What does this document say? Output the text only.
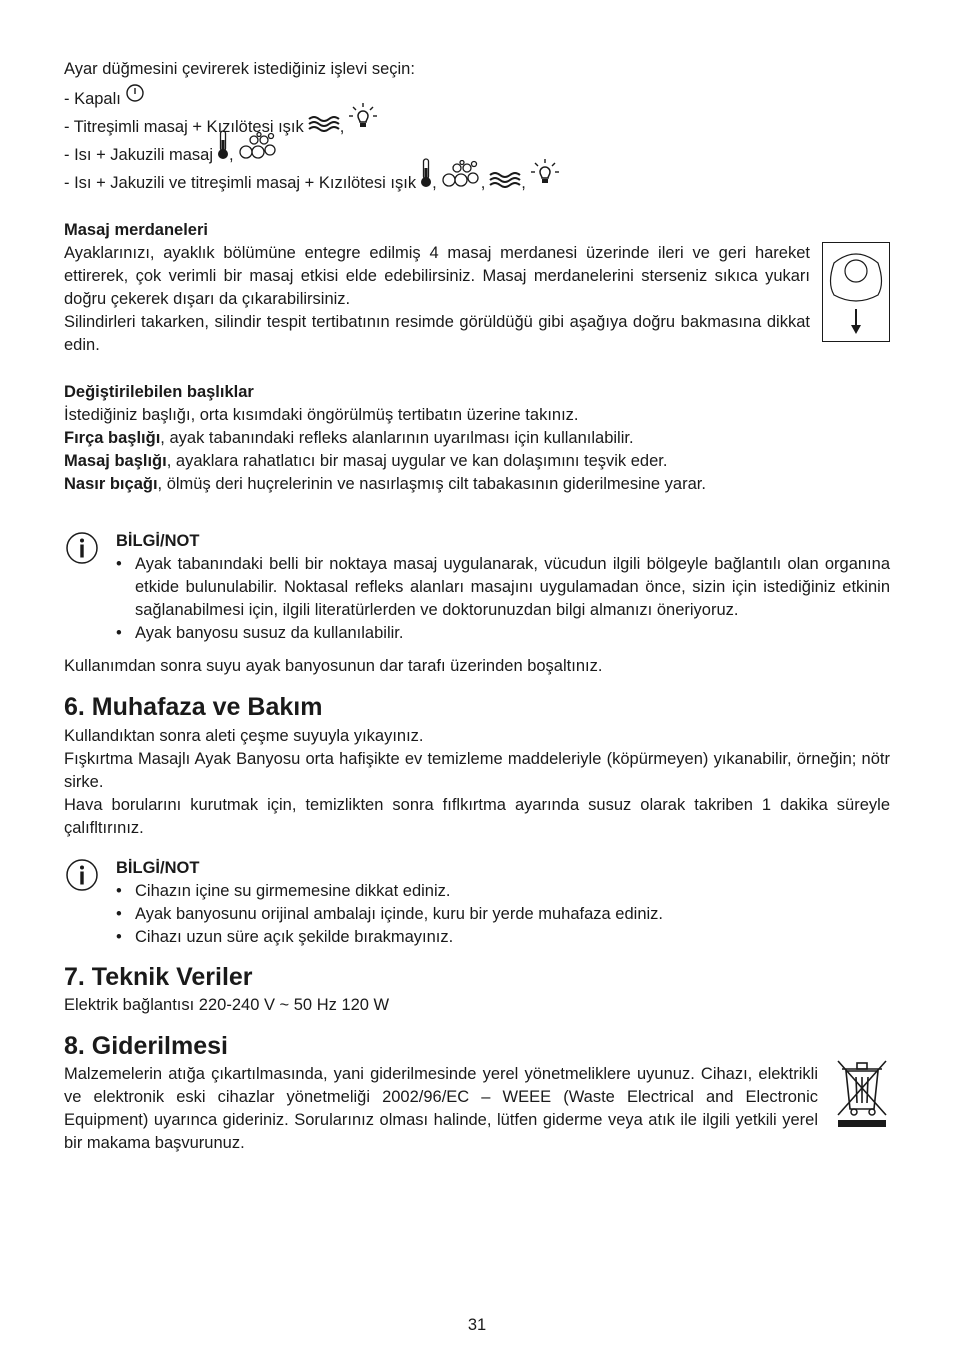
Ayar düğmesini çevirerek istediğiniz işlevi seçin:

- Kapalı
- Titreşimli masaj + Kızılötesi ışık ,
- Isı + Jakuzili masaj ,
- Isı + Jakuzili ve titreşimli masaj + Kızılötesi ışık ,	, ,

Masaj merdaneleri

Ayaklarınızı, ayaklık bölümüne entegre edilmiş 4 masaj merdanesi üzerinde ileri ve geri hareket ettirerek, çok verimli bir masaj etkisi elde edebilirsiniz. Masaj merdanelerini sterseniz sıkıca yukarı doğru çekerek dışarı da çıkarabilirsiniz.

Silindirleri takarken, silindir tespit tertibatının resimde görüldüğü gibi aşağıya doğru bakmasına dikkat edin.

Değiştirilebilen başlıklar

İstediğiniz başlığı, orta kısımdaki öngörülmüş tertibatın üzerine takınız.

Fırça başlığı, ayak tabanındaki refleks alanlarının uyarılması için kullanılabilir.

Masaj başlığı, ayaklara rahatlatıcı bir masaj uygular ve kan dolaşımını teşvik eder.

Nasır bıçağı, ölmüş deri huçrelerinin ve nasırlaşmış cilt tabakasının giderilmesine yarar.

BİLGİ/NOT

• Ayak tabanındaki belli bir noktaya masaj uygulanarak, vücudun ilgili bölgeyle bağlantılı olan organına etkide bulunulabilir. Noktasal refleks alanları masajını uygulamadan önce, sizin için istediğiniz etkinin sağlanabilmesi için, ilgili literatürlerden ve doktorunuzdan bilgi almanızı öneriyoruz.
• Ayak banyosu susuz da kullanılabilir.

Kullanımdan sonra suyu ayak banyosunun dar tarafı üzerinden boşaltınız.

6. Muhafaza ve Bakım

Kullandıktan sonra aleti çeşme suyuyla yıkayınız.

Fışkırtma Masajlı Ayak Banyosu orta hafişikte ev temizleme maddeleriyle (köpürmeyen) yıkanabilir, örneğin; nötr sirke.

Hava borularını kurutmak için, temizlikten sonra fıflkırtma ayarında susuz olarak takriben 1 dakika süreyle çalıfltırınız.

BİLGİ/NOT

• Cihazın içine su girmemesine dikkat ediniz.
• Ayak banyosunu orijinal ambalajı içinde, kuru bir yerde muhafaza ediniz.
• Cihazı uzun süre açık şekilde bırakmayınız.

7. Teknik Veriler

Elektrik bağlantısı 220-240 V ~ 50 Hz 120 W

8. Giderilmesi

Malzemelerin atığa çıkartılmasında, yani giderilmesinde yerel yönetmeliklere uyunuz. Cihazı, elektrikli ve elektronik eski cihazlar yönetmeliği 2002/96/EC – WEEE (Waste Electrical and Electronic Equipment) uyarınca gideriniz. Sorularınız olması halinde, lütfen giderme veya atık ile ilgili yetkili yerel bir makama başvurunuz.

31
